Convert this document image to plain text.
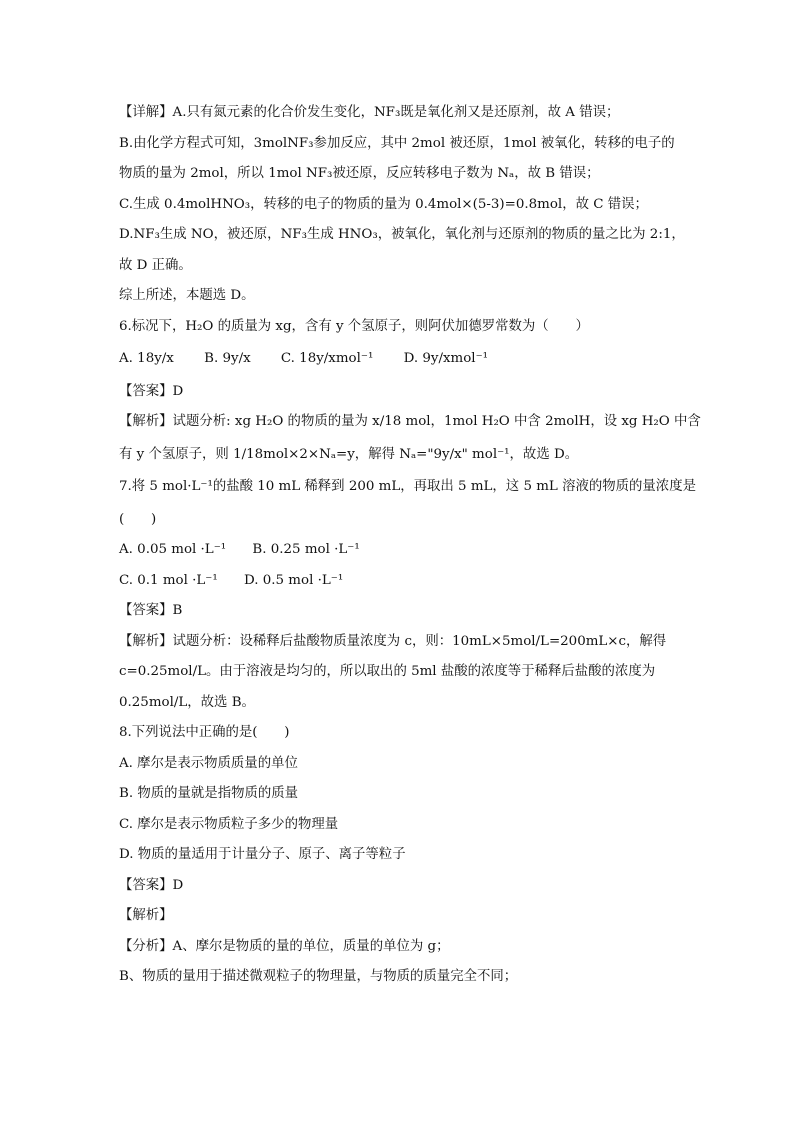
【详解】A.只有氮元素的化合价发生变化，NF₃既是氧化剂又是还原剂，故 A 错误；
B.由化学方程式可知，3molNF₃参加反应，其中 2mol 被还原，1mol 被氧化，转移的电子的
物质的量为 2mol，所以 1mol NF₃被还原，反应转移电子数为 Nₐ，故 B 错误；
C.生成 0.4molHNO₃，转移的电子的物质的量为 0.4mol×(5-3)=0.8mol，故 C 错误；
D.NF₃生成 NO，被还原，NF₃生成 HNO₃，被氧化，氧化剂与还原剂的物质的量之比为 2:1，
故 D 正确。
综上所述，本题选 D。
6.标况下，H₂O 的质量为 xg，含有 y 个氢原子，则阿伏加德罗常数为（　　）
A. 18y/x B. 9y/x C. 18y/xmol⁻¹ D. 9y/xmol⁻¹
【答案】D
【解析】试题分析: xg H₂O 的物质的量为 x/18 mol，1mol H₂O 中含 2molH，设 xg H₂O 中含
有 y 个氢原子，则 1/18mol×2×Nₐ=y，解得 Nₐ="9y/x" mol⁻¹，故选 D。
7.将 5 mol·L⁻¹的盐酸 10 mL 稀释到 200 mL，再取出 5 mL，这 5 mL 溶液的物质的量浓度是
(　　)
A. 0.05 mol ·L⁻¹ B. 0.25 mol ·L⁻¹
C. 0.1 mol ·L⁻¹ D. 0.5 mol ·L⁻¹
【答案】B
【解析】试题分析：设稀释后盐酸物质量浓度为 c，则：10mL×5mol/L=200mL×c，解得
c=0.25mol/L。由于溶液是均匀的，所以取出的 5ml 盐酸的浓度等于稀释后盐酸的浓度为
0.25mol/L，故选 B。
8.下列说法中正确的是(　　)
A. 摩尔是表示物质质量的单位
B. 物质的量就是指物质的质量
C. 摩尔是表示物质粒子多少的物理量
D. 物质的量适用于计量分子、原子、离子等粒子
【答案】D
【解析】
【分析】A、摩尔是物质的量的单位，质量的单位为 g；
B、物质的量用于描述微观粒子的物理量，与物质的质量完全不同；
